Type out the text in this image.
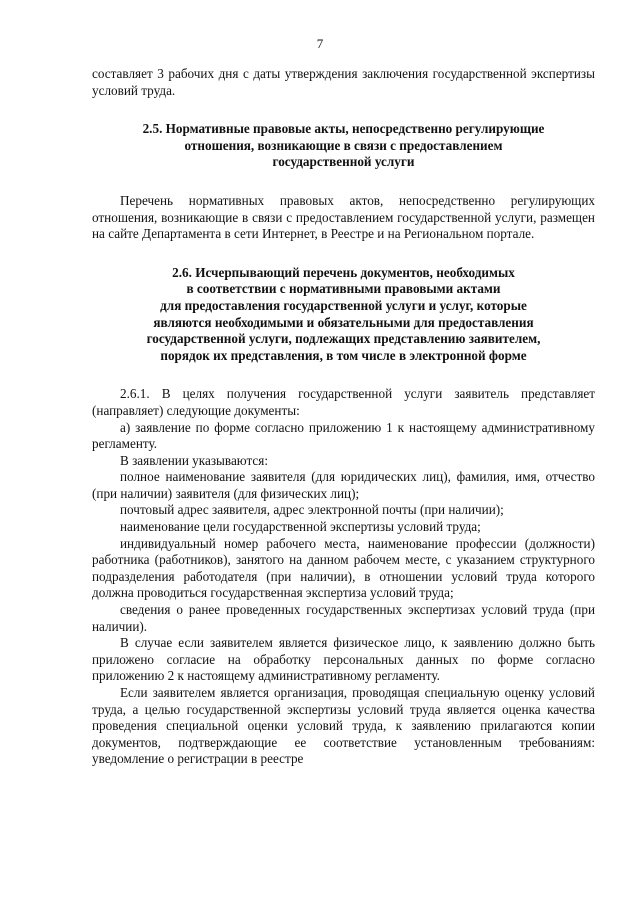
7

составляет 3 рабочих дня с даты утверждения заключения государственной экспертизы условий труда.

2.5. Нормативные правовые акты, непосредственно регулирующие
отношения, возникающие в связи с предоставлением
государственной услуги

Перечень нормативных правовых актов, непосредственно регулирующих отношения, возникающие в связи с предоставлением государственной услуги, размещен на сайте Департамента в сети Интернет, в Реестре и на Региональном портале.

2.6. Исчерпывающий перечень документов, необходимых
в соответствии с нормативными правовыми актами
для предоставления государственной услуги и услуг, которые
являются необходимыми и обязательными для предоставления
государственной услуги, подлежащих представлению заявителем,
порядок их представления, в том числе в электронной форме

2.6.1. В целях получения государственной услуги заявитель представляет (направляет) следующие документы:

а) заявление по форме согласно приложению 1 к настоящему административному регламенту.

В заявлении указываются:

полное наименование заявителя (для юридических лиц), фамилия, имя, отчество (при наличии) заявителя (для физических лиц);

почтовый адрес заявителя, адрес электронной почты (при наличии);

наименование цели государственной экспертизы условий труда;

индивидуальный номер рабочего места, наименование профессии (должности) работника (работников), занятого на данном рабочем месте, с указанием структурного подразделения работодателя (при наличии), в отношении условий труда которого должна проводиться государственная экспертиза условий труда;

сведения о ранее проведенных государственных экспертизах условий труда (при наличии).

В случае если заявителем является физическое лицо, к заявлению должно быть приложено согласие на обработку персональных данных по форме согласно приложению 2 к настоящему административному регламенту.

Если заявителем является организация, проводящая специальную оценку условий труда, а целью государственной экспертизы условий труда является оценка качества проведения специальной оценки условий труда, к заявлению прилагаются копии документов, подтверждающие ее соответствие установленным требованиям: уведомление о регистрации в реестре
